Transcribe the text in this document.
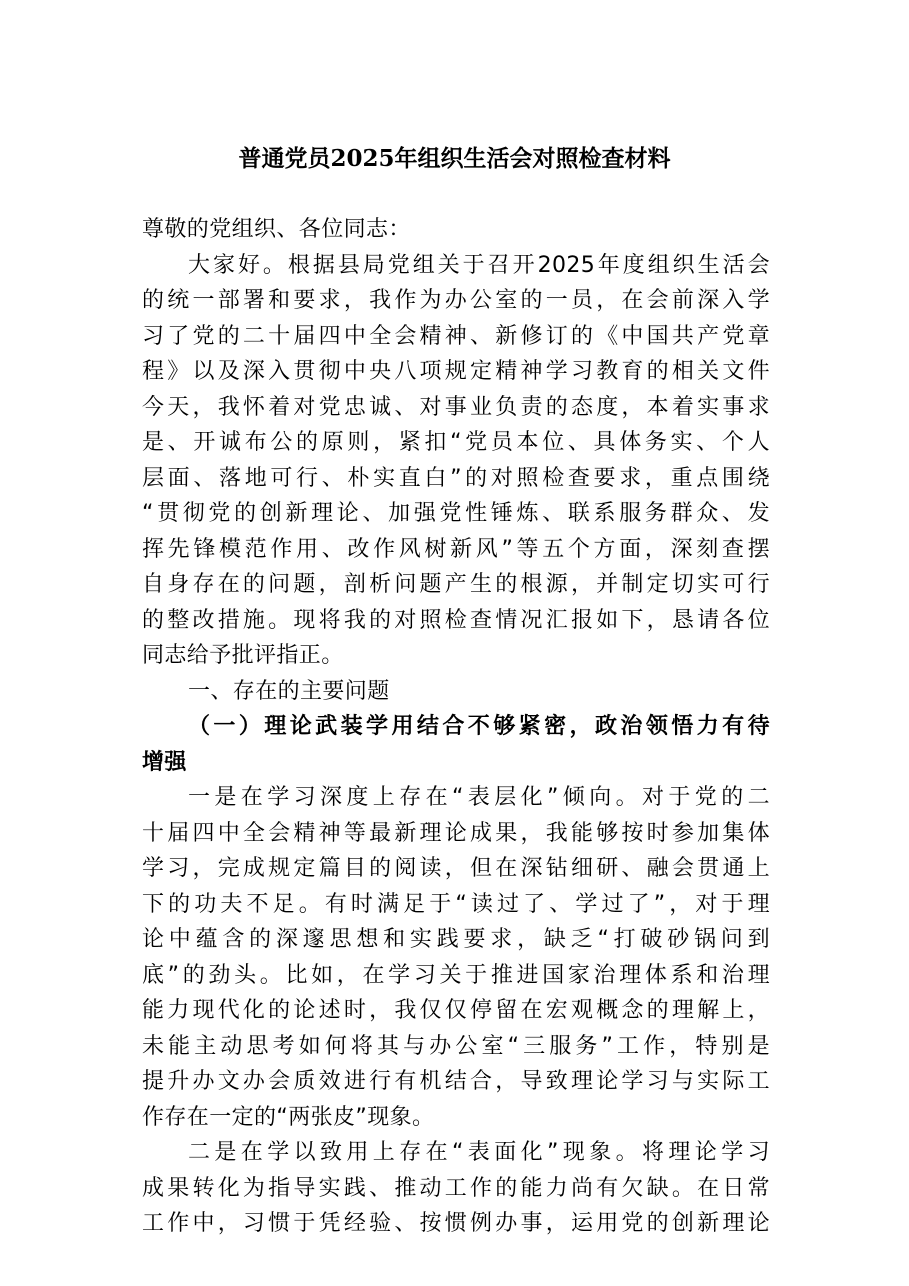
普通党员2025年组织生活会对照检查材料
尊敬的党组织、各位同志：
大家好。根据县局党组关于召开2025年度组织生活会
的统一部署和要求，我作为办公室的一员，在会前深入学
习了党的二十届四中全会精神、新修订的《中国共产党章
程》以及深入贯彻中央八项规定精神学习教育的相关文件
今天，我怀着对党忠诚、对事业负责的态度，本着实事求
是、开诚布公的原则，紧扣“党员本位、具体务实、个人
层面、落地可行、朴实直白”的对照检查要求，重点围绕
“贯彻党的创新理论、加强党性锤炼、联系服务群众、发
挥先锋模范作用、改作风树新风”等五个方面，深刻查摆
自身存在的问题，剖析问题产生的根源，并制定切实可行
的整改措施。现将我的对照检查情况汇报如下，恳请各位
同志给予批评指正。
一、存在的主要问题
（一）理论武装学用结合不够紧密，政治领悟力有待
增强
一是在学习深度上存在“表层化”倾向。对于党的二
十届四中全会精神等最新理论成果，我能够按时参加集体
学习，完成规定篇目的阅读，但在深钻细研、融会贯通上
下的功夫不足。有时满足于“读过了、学过了”，对于理
论中蕴含的深邃思想和实践要求，缺乏“打破砂锅问到
底”的劲头。比如，在学习关于推进国家治理体系和治理
能力现代化的论述时，我仅仅停留在宏观概念的理解上，
未能主动思考如何将其与办公室“三服务”工作，特别是
提升办文办会质效进行有机结合，导致理论学习与实际工
作存在一定的“两张皮”现象。
二是在学以致用上存在“表面化”现象。将理论学习
成果转化为指导实践、推动工作的能力尚有欠缺。在日常
工作中，习惯于凭经验、按惯例办事，运用党的创新理论
